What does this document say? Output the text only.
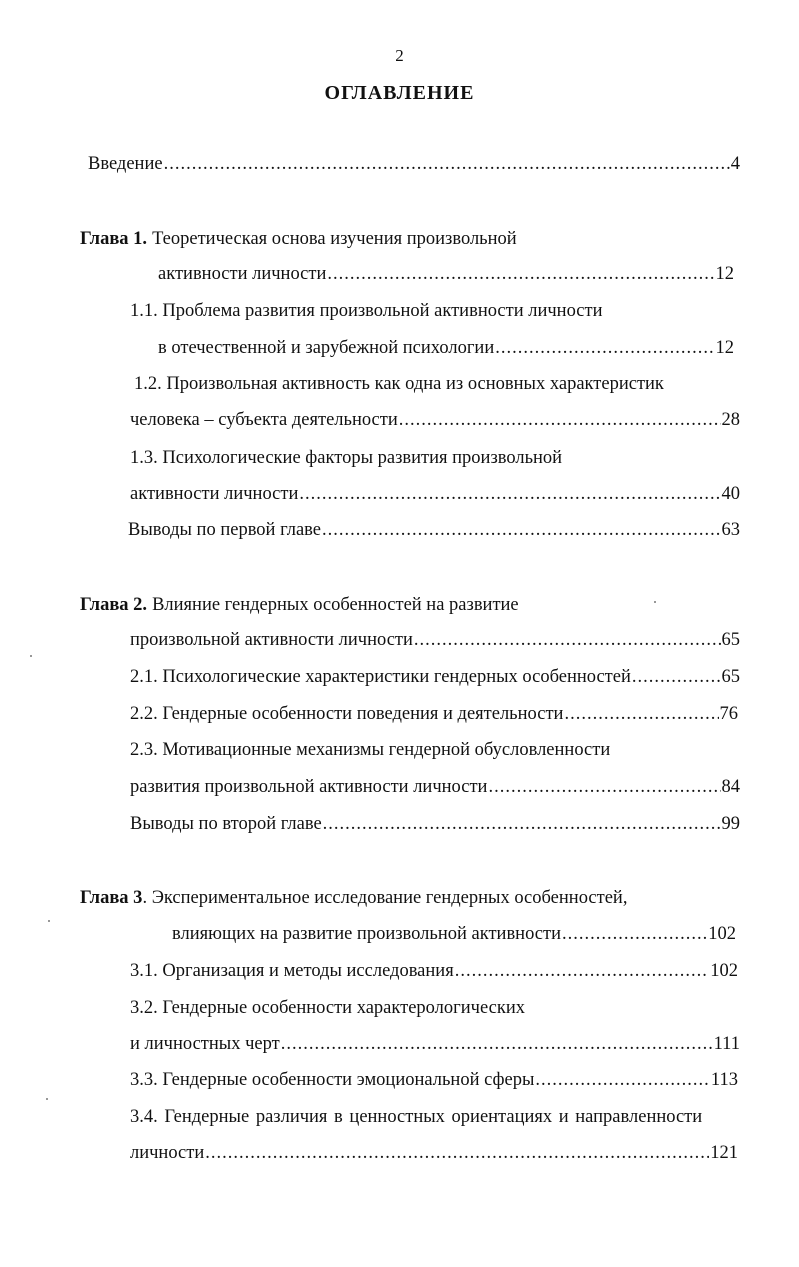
2
ОГЛАВЛЕНИЕ
Введение .....	4
Глава 1. Теоретическая основа изучения произвольной
активности личности .....	12
1.1. Проблема развития произвольной активности личности
в отечественной и зарубежной психологии .....	12
1.2. Произвольная активность как одна из основных характеристик
человека – субъекта деятельности .....	28
1.3. Психологические факторы развития произвольной
активности личности .....	40
Выводы по первой главе .....	63
Глава 2. Влияние гендерных особенностей на развитие
произвольной активности личности .....	65
2.1. Психологические характеристики гендерных особенностей .....	65
2.2. Гендерные особенности поведения и деятельности .....	76
2.3. Мотивационные механизмы гендерной обусловленности
развития произвольной активности личности .....	84
Выводы по второй главе .....	99
Глава 3 . Экспериментальное исследование гендерных особенностей,
влияющих на развитие произвольной активности .....	102
3.1. Организация и методы исследования .....	102
3.2. Гендерные особенности характерологических
и личностных черт .....	111
3.3. Гендерные особенности эмоциональной сферы .....	113
3.4. Гендерные различия в ценностных ориентациях и направленности
личности .....	121
